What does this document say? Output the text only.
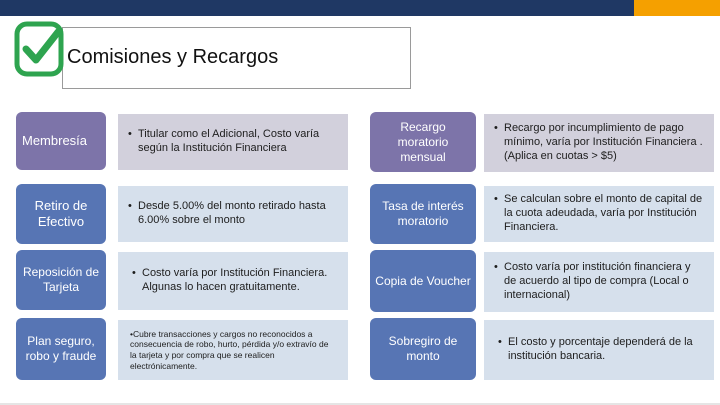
Comisiones y Recargos
Membresía
•	Titular como el Adicional, Costo varía según la Institución Financiera
Retiro de Efectivo
• Desde 5.00% del monto retirado hasta 6.00% sobre el monto
Reposición de Tarjeta
• Costo varía por Institución Financiera. Algunas lo hacen gratuitamente.
Plan seguro, robo y fraude
•Cubre transacciones y cargos no reconocidos a consecuencia de robo, hurto, pérdida y/o extravío de la tarjeta y por compra que se realicen electrónicamente.
Recargo moratorio mensual
• Recargo por incumplimiento de pago mínimo, varía por Institución Financiera . (Aplica en cuotas > $5)
Tasa de interés moratorio
• Se calculan sobre el monto de capital de la cuota adeudada, varía por Institución Financiera.
Copia de Voucher
• Costo varía por institución financiera y de acuerdo al tipo de compra (Local o internacional)
Sobregiro de monto
• El costo y porcentaje dependerá de la institución bancaria.
